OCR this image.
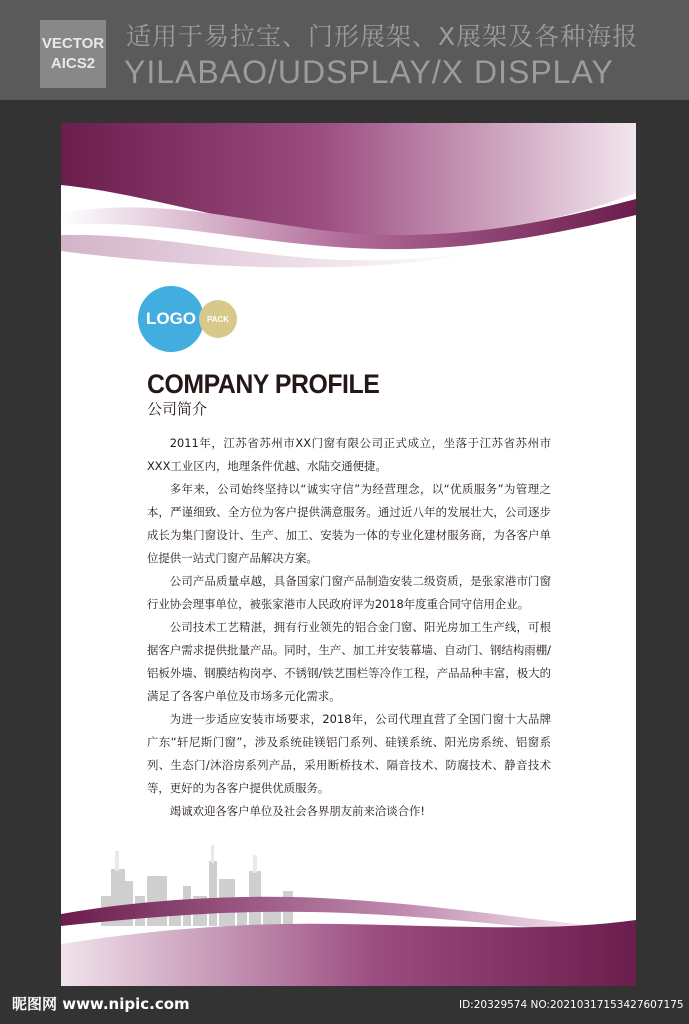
VECTOR
AICS2
适用于易拉宝、门形展架、X展架及各种海报
YILABAO/UDSPLAY/X DISPLAY
LOGO PACK
COMPANY PROFILE
公司简介

2011年，江苏省苏州市XX门窗有限公司正式成立，坐落于江苏省苏州市XXX工业区内，地理条件优越、水陆交通便捷。

多年来，公司始终坚持以“诚实守信”为经营理念，以“优质服务”为管理之本，严谨细致、全方位为客户提供满意服务。通过近八年的发展壮大，公司逐步成长为集门窗设计、生产、加工、安装为一体的专业化建材服务商，为各客户单位提供一站式门窗产品解决方案。

公司产品质量卓越，具备国家门窗产品制造安装二级资质，是张家港市门窗行业协会理事单位，被张家港市人民政府评为2018年度重合同守信用企业。

公司技术工艺精湛，拥有行业领先的铝合金门窗、阳光房加工生产线，可根据客户需求提供批量产品。同时，生产、加工并安装幕墙、自动门、钢结构雨棚/铝板外墙、钢膜结构岗亭、不锈钢/铁艺围栏等冷作工程，产品品种丰富，极大的满足了各客户单位及市场多元化需求。

为进一步适应安装市场要求，2018年，公司代理直营了全国门窗十大品牌广东“轩尼斯门窗”，涉及系统硅镁铝门系列、硅镁系统、阳光房系统、铝窗系列、生态门/沐浴房系列产品，采用断桥技术、隔音技术、防腐技术、静音技术等，更好的为各客户提供优质服务。

竭诚欢迎各客户单位及社会各界朋友前来洽谈合作!

昵图网 www.nipic.com	ID:20329574 NO:20210317153427607175
